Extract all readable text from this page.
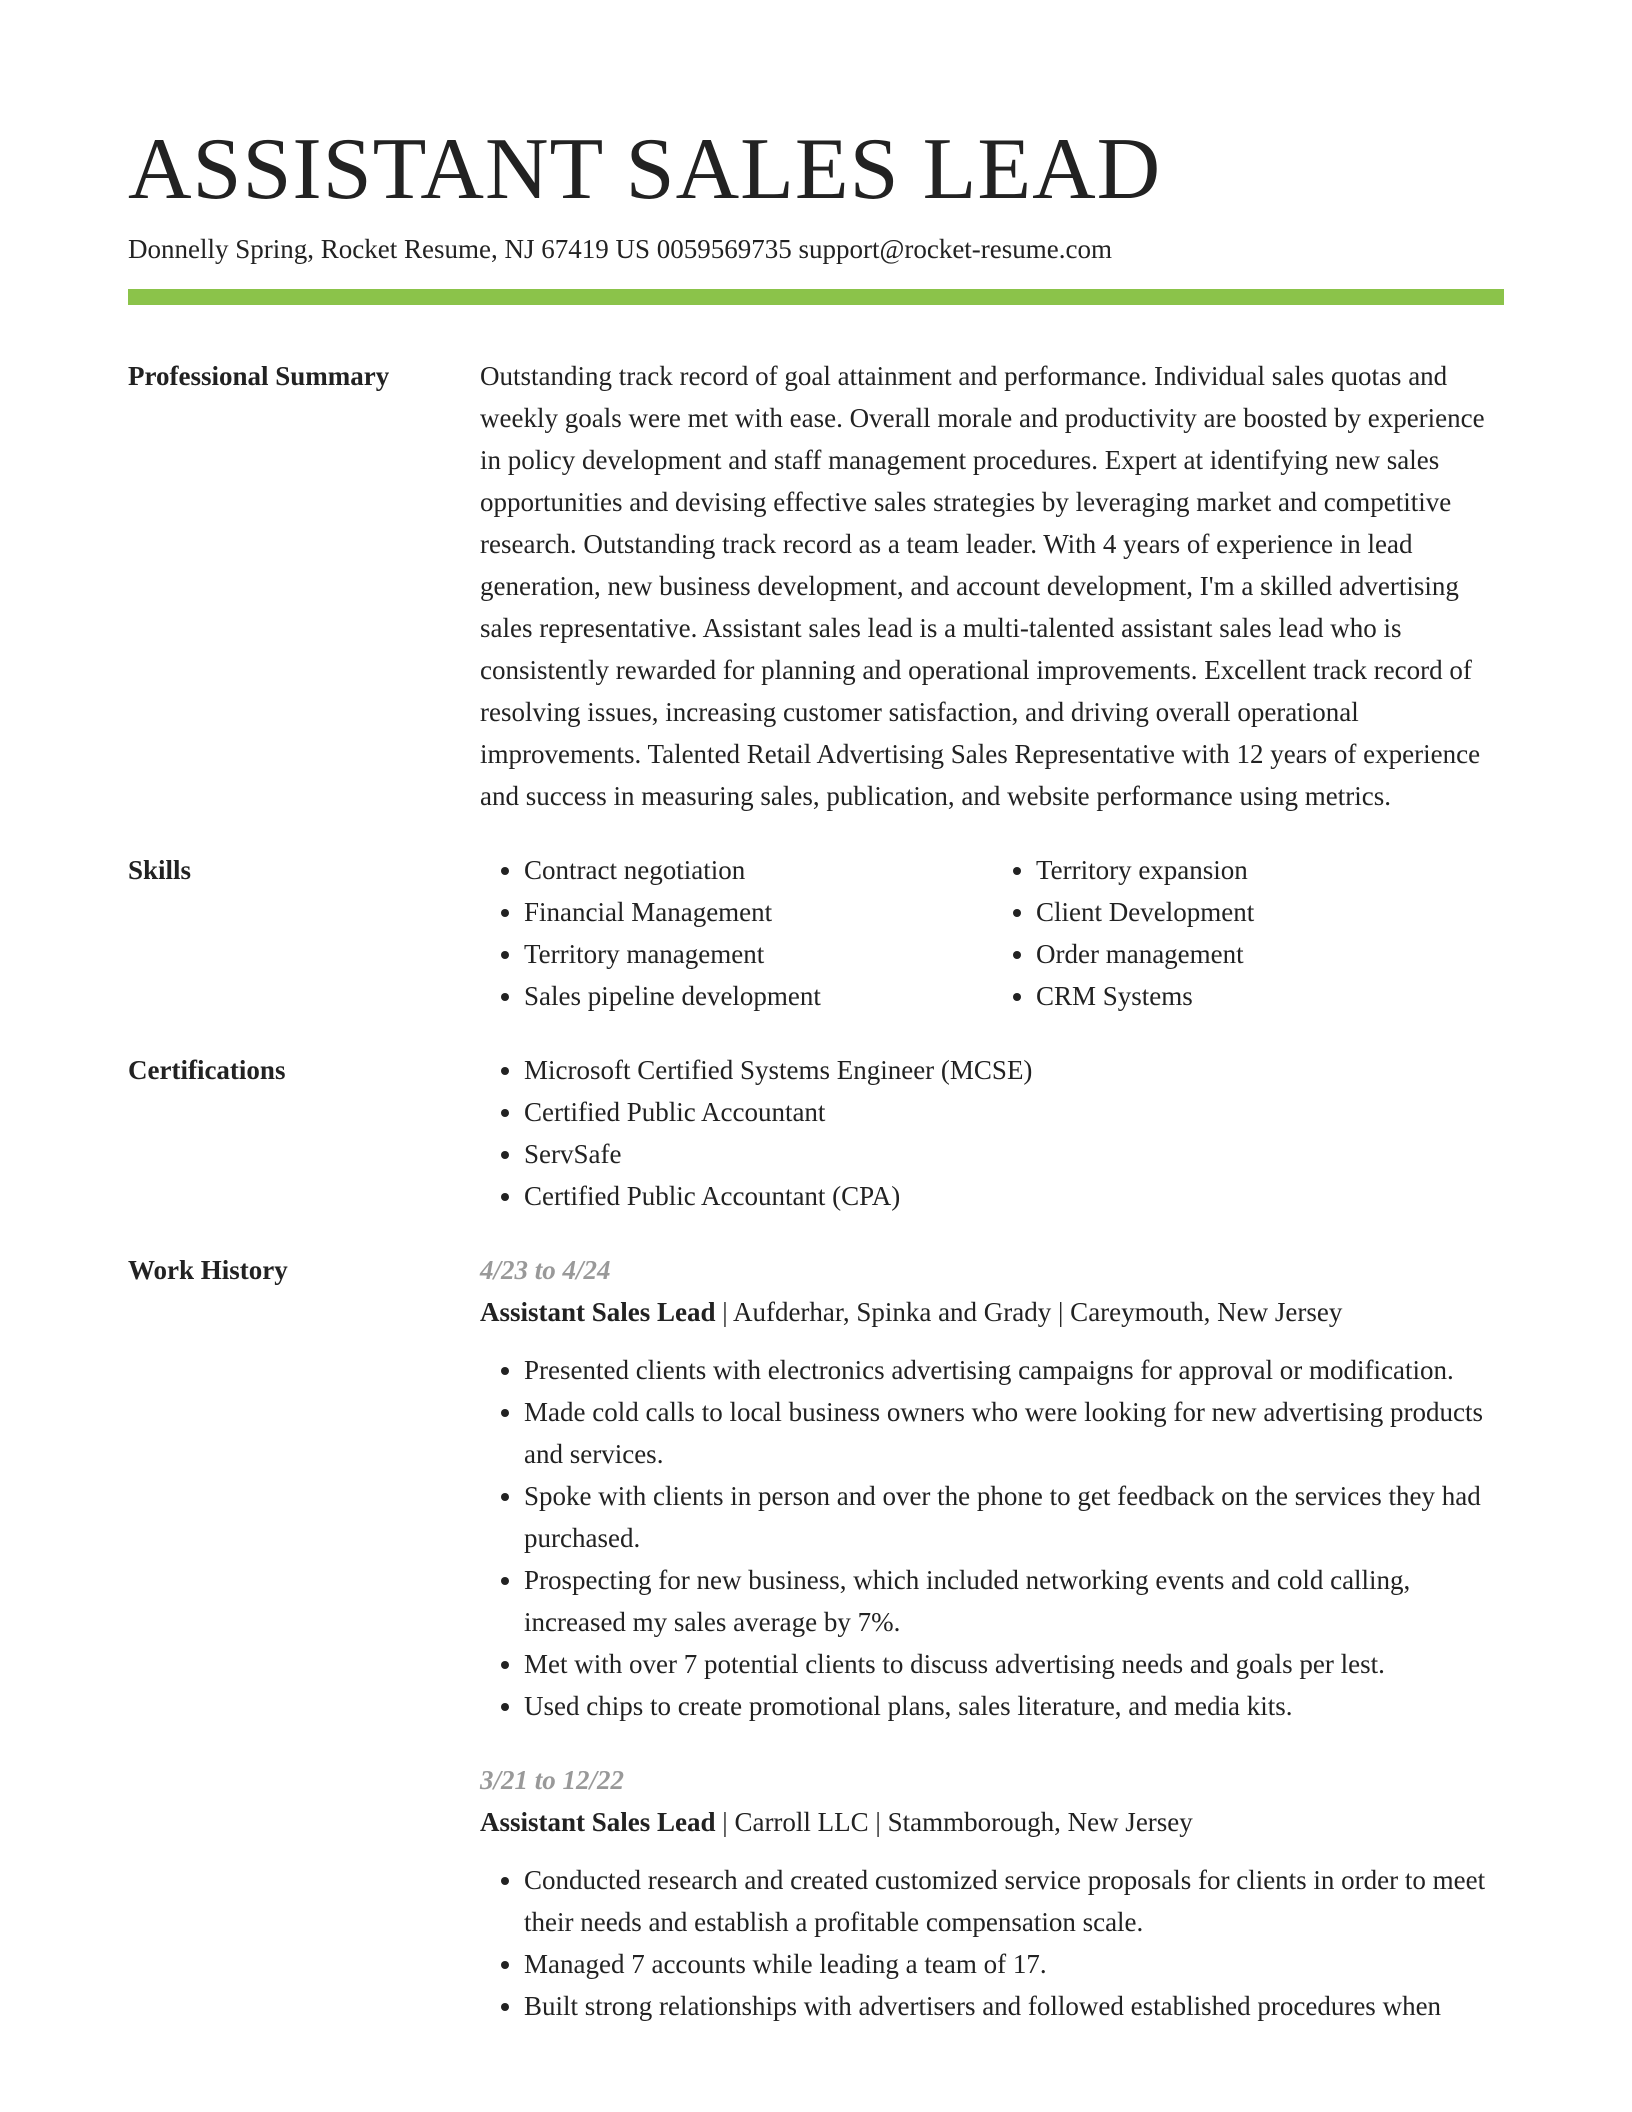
ASSISTANT SALES LEAD
Donnelly Spring, Rocket Resume, NJ 67419 US 0059569735 support@rocket-resume.com
Professional Summary	Outstanding track record of goal attainment and performance. Individual sales quotas and weekly goals were met with ease. Overall morale and productivity are boosted by experience in policy development and staff management procedures. Expert at identifying new sales opportunities and devising effective sales strategies by leveraging market and competitive research. Outstanding track record as a team leader. With 4 years of experience in lead generation, new business development, and account development, I'm a skilled advertising sales representative. Assistant sales lead is a multi-talented assistant sales lead who is consistently rewarded for planning and operational improvements. Excellent track record of resolving issues, increasing customer satisfaction, and driving overall operational improvements. Talented Retail Advertising Sales Representative with 12 years of experience and success in measuring sales, publication, and website performance using metrics.
Skills	• Contract negotiation
• Financial Management
• Territory management
• Sales pipeline development
• Territory expansion
• Client Development
• Order management
• CRM Systems
Certifications	• Microsoft Certified Systems Engineer (MCSE)
• Certified Public Accountant
• ServSafe
• Certified Public Accountant (CPA)
Work History	4/23 to 4/24
Assistant Sales Lead | Aufderhar, Spinka and Grady | Careymouth, New Jersey
• Presented clients with electronics advertising campaigns for approval or modification.
• Made cold calls to local business owners who were looking for new advertising products and services.
• Spoke with clients in person and over the phone to get feedback on the services they had purchased.
• Prospecting for new business, which included networking events and cold calling, increased my sales average by 7%.
• Met with over 7 potential clients to discuss advertising needs and goals per lest.
• Used chips to create promotional plans, sales literature, and media kits.
3/21 to 12/22
Assistant Sales Lead | Carroll LLC | Stammborough, New Jersey
• Conducted research and created customized service proposals for clients in order to meet their needs and establish a profitable compensation scale.
• Managed 7 accounts while leading a team of 17.
• Built strong relationships with advertisers and followed established procedures when
